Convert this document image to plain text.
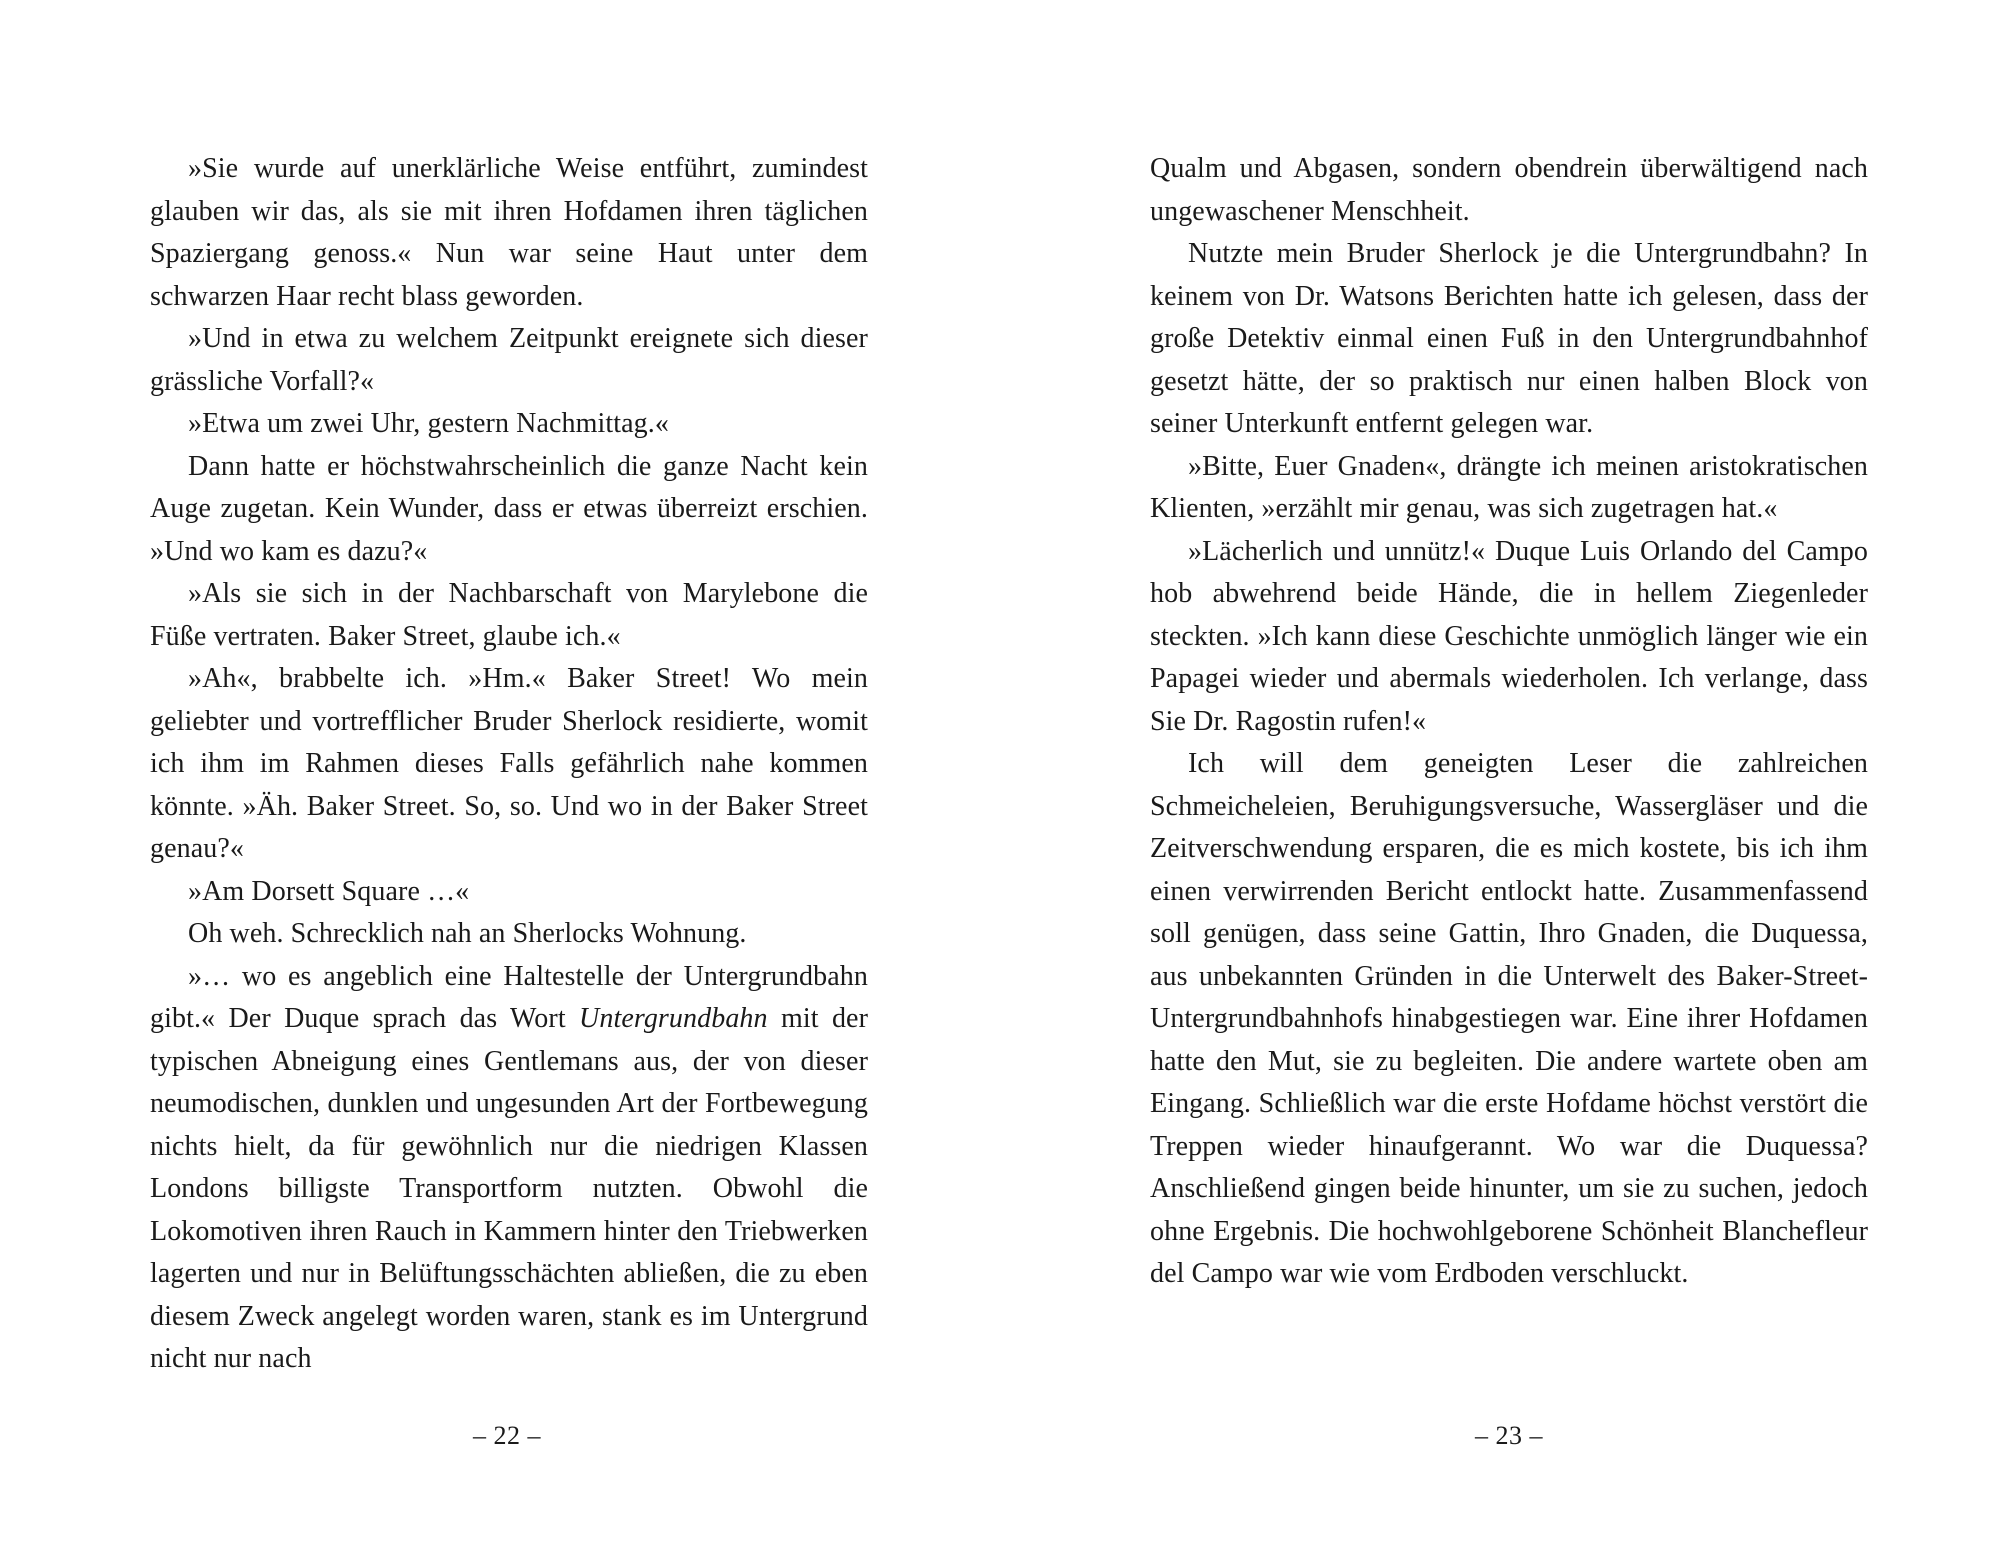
»Sie wurde auf unerklärliche Weise entführt, zumindest glauben wir das, als sie mit ihren Hofdamen ihren täglichen Spaziergang genoss.« Nun war seine Haut unter dem schwarzen Haar recht blass geworden.

»Und in etwa zu welchem Zeitpunkt ereignete sich dieser grässliche Vorfall?«

»Etwa um zwei Uhr, gestern Nachmittag.«

Dann hatte er höchstwahrscheinlich die ganze Nacht kein Auge zugetan. Kein Wunder, dass er etwas überreizt erschien. »Und wo kam es dazu?«

»Als sie sich in der Nachbarschaft von Marylebone die Füße vertraten. Baker Street, glaube ich.«

»Ah«, brabbelte ich. »Hm.« Baker Street! Wo mein geliebter und vortrefflicher Bruder Sherlock residierte, womit ich ihm im Rahmen dieses Falls gefährlich nahe kommen könnte. »Äh. Baker Street. So, so. Und wo in der Baker Street genau?«

»Am Dorsett Square …«

Oh weh. Schrecklich nah an Sherlocks Wohnung.

»… wo es angeblich eine Haltestelle der Untergrundbahn gibt.« Der Duque sprach das Wort Untergrundbahn mit der typischen Abneigung eines Gentlemans aus, der von dieser neumodischen, dunklen und ungesunden Art der Fortbewegung nichts hielt, da für gewöhnlich nur die niedrigen Klassen Londons billigste Transportform nutzten. Obwohl die Lokomotiven ihren Rauch in Kammern hinter den Triebwerken lagerten und nur in Belüftungsschächten abließen, die zu eben diesem Zweck angelegt worden waren, stank es im Untergrund nicht nur nach

– 22 –

Qualm und Abgasen, sondern obendrein überwältigend nach ungewaschener Menschheit.

Nutzte mein Bruder Sherlock je die Untergrundbahn? In keinem von Dr. Watsons Berichten hatte ich gelesen, dass der große Detektiv einmal einen Fuß in den Untergrundbahnhof gesetzt hätte, der so praktisch nur einen halben Block von seiner Unterkunft entfernt gelegen war.

»Bitte, Euer Gnaden«, drängte ich meinen aristokratischen Klienten, »erzählt mir genau, was sich zugetragen hat.«

»Lächerlich und unnütz!« Duque Luis Orlando del Campo hob abwehrend beide Hände, die in hellem Ziegenleder steckten. »Ich kann diese Geschichte unmöglich länger wie ein Papagei wieder und abermals wiederholen. Ich verlange, dass Sie Dr. Ragostin rufen!«

Ich will dem geneigten Leser die zahlreichen Schmeicheleien, Beruhigungsversuche, Wassergläser und die Zeitverschwendung ersparen, die es mich kostete, bis ich ihm einen verwirrenden Bericht entlockt hatte. Zusammenfassend soll genügen, dass seine Gattin, Ihro Gnaden, die Duquessa, aus unbekannten Gründen in die Unterwelt des Baker-Street-Untergrundbahnhofs hinabgestiegen war. Eine ihrer Hofdamen hatte den Mut, sie zu begleiten. Die andere wartete oben am Eingang. Schließlich war die erste Hofdame höchst verstört die Treppen wieder hinaufgerannt. Wo war die Duquessa? Anschließend gingen beide hinunter, um sie zu suchen, jedoch ohne Ergebnis. Die hochwohlgeborene Schönheit Blanchefleur del Campo war wie vom Erdboden verschluckt.

– 23 –
